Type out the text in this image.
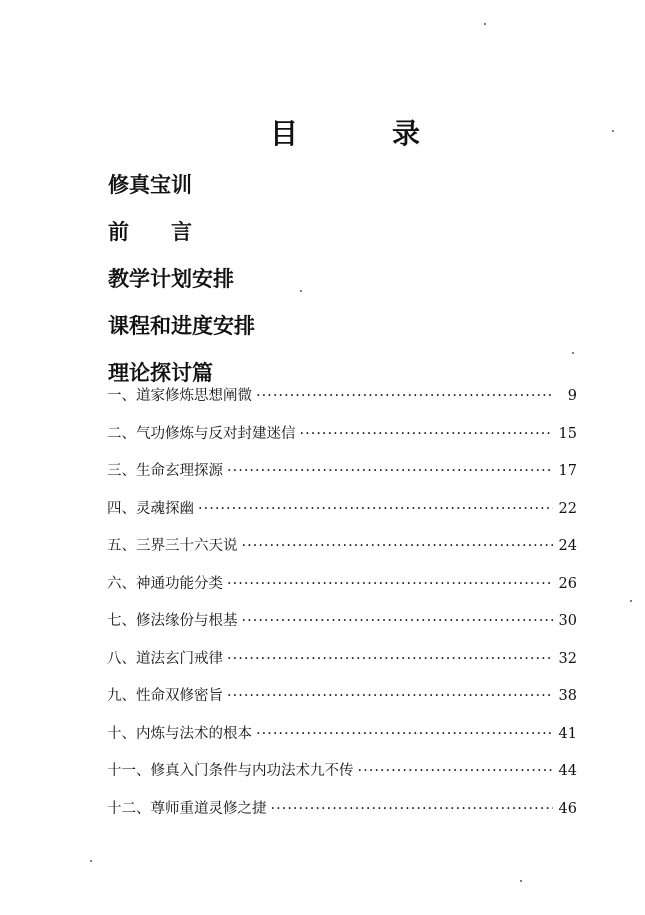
目	录
修真宝训
前　　言
教学计划安排
课程和进度安排
理论探讨篇
一、道家修炼思想阐微 ·····	9
二、气功修炼与反对封建迷信 ·····	15
三、生命玄理探源 ·····	17
四、灵魂探幽 ·····	22
五、三界三十六天说 ·····	24
六、神通功能分类 ·····	26
七、修法缘份与根基 ·····	30
八、道法玄门戒律 ·····	32
九、性命双修密旨 ·····	38
十、内炼与法术的根本 ·····	41
十一、修真入门条件与内功法术九不传 ·····	44
十二、尊师重道灵修之捷 ·····	46
